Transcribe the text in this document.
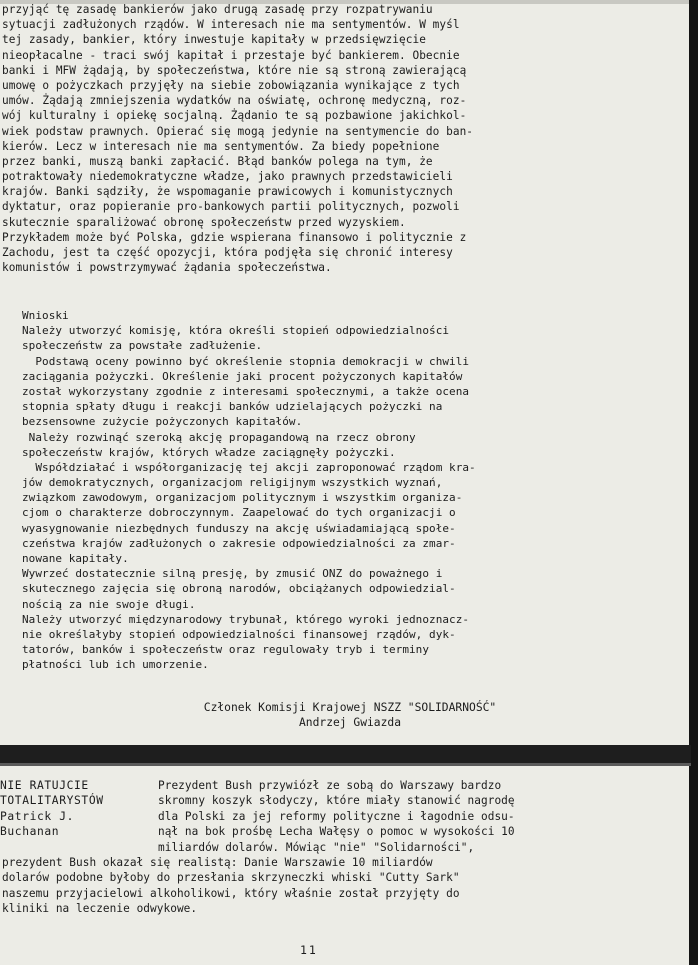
przyjąć tę zasadę bankierów jako drugą zasadę przy rozpatrywaniu
sytuacji zadłużonych rządów. W interesach nie ma sentymentów. W myśl
tej zasady, bankier, który inwestuje kapitały w przedsięwzięcie
nieopłacalne - traci swój kapitał i przestaje być bankierem. Obecnie
banki i MFW żądają, by społeczeństwa, które nie są stroną zawierającą
umowę o pożyczkach przyjęły na siebie zobowiązania wynikające z tych
umów. Żądają zmniejszenia wydatków na oświatę, ochronę medyczną, roz-
wój kulturalny i opiekę socjalną. Żądanio te są pozbawione jakichkol-
wiek podstaw prawnych. Opierać się mogą jedynie na sentymencie do ban-
kierów. Lecz w interesach nie ma sentymentów. Za biedy popełnione
przez banki, muszą banki zapłacić. Błąd banków polega na tym, że
potraktowały niedemokratyczne władze, jako prawnych przedstawicieli
krajów. Banki sądziły, że wspomaganie prawicowych i komunistycznych
dyktatur, oraz popieranie pro-bankowych partii politycznych, pozwoli
skutecznie sparaliżować obronę społeczeństw przed wyzyskiem.
Przykładem może być Polska, gdzie wspierana finansowo i politycznie z
Zachodu, jest ta część opozycji, która podjęła się chronić interesy
komunistów i powstrzymywać żądania społeczeństwa.
Wnioski
Należy utworzyć komisję, która określi stopień odpowiedzialności
społeczeństw za powstałe zadłużenie.
Podstawą oceny powinno być określenie stopnia demokracji w chwili
zaciągania pożyczki. Określenie jaki procent pożyczonych kapitałów
został wykorzystany zgodnie z interesami społecznymi, a także ocena
stopnia spłaty długu i reakcji banków udzielających pożyczki na
bezsensowne zużycie pożyczonych kapitałów.
Należy rozwinąć szeroką akcję propagandową na rzecz obrony
społeczeństw krajów, których władze zaciągnęły pożyczki.
Współdziałać i współorganizację tej akcji zaproponować rządom kra-
jów demokratycznych, organizacjom religijnym wszystkich wyznań,
związkom zawodowym, organizacjom politycznym i wszystkim organiza-
cjom o charakterze dobroczynnym. Zaapelować do tych organizacji o
wyasygnowanie niezbędnych funduszy na akcję uświadamiającą społe-
czeństwa krajów zadłużonych o zakresie odpowiedzialności za zmar-
nowane kapitały.
Wywrzeć dostatecznie silną presję, by zmusić ONZ do poważnego i
skutecznego zajęcia się obroną narodów, obciążanych odpowiedzial-
nością za nie swoje długi.
Należy utworzyć międzynarodowy trybunał, którego wyroki jednoznacz-
nie określałyby stopień odpowiedzialności finansowej rządów, dyk-
tatorów, banków i społeczeństw oraz regulowały tryb i terminy
płatności lub ich umorzenie.
Członek Komisji Krajowej NSZZ "SOLIDARNOŚĆ"
Andrzej Gwiazda
NIE RATUJCIE
TOTALITARYSTÓW
Patrick J.
Buchanan
Prezydent Bush przywiózł ze sobą do Warszawy bardzo
skromny koszyk słodyczy, które miały stanowić nagrodę
dla Polski za jej reformy polityczne i łagodnie odsu-
nął na bok prośbę Lecha Wałęsy o pomoc w wysokości 10
miliardów dolarów. Mówiąc "nie" "Solidarności",
prezydent Bush okazał się realistą: Danie Warszawie 10 miliardów
dolarów podobne byłoby do przesłania skrzyneczki whiski "Cutty Sark"
naszemu przyjacielowi alkoholikowi, który właśnie został przyjęty do
kliniki na leczenie odwykowe.
11
